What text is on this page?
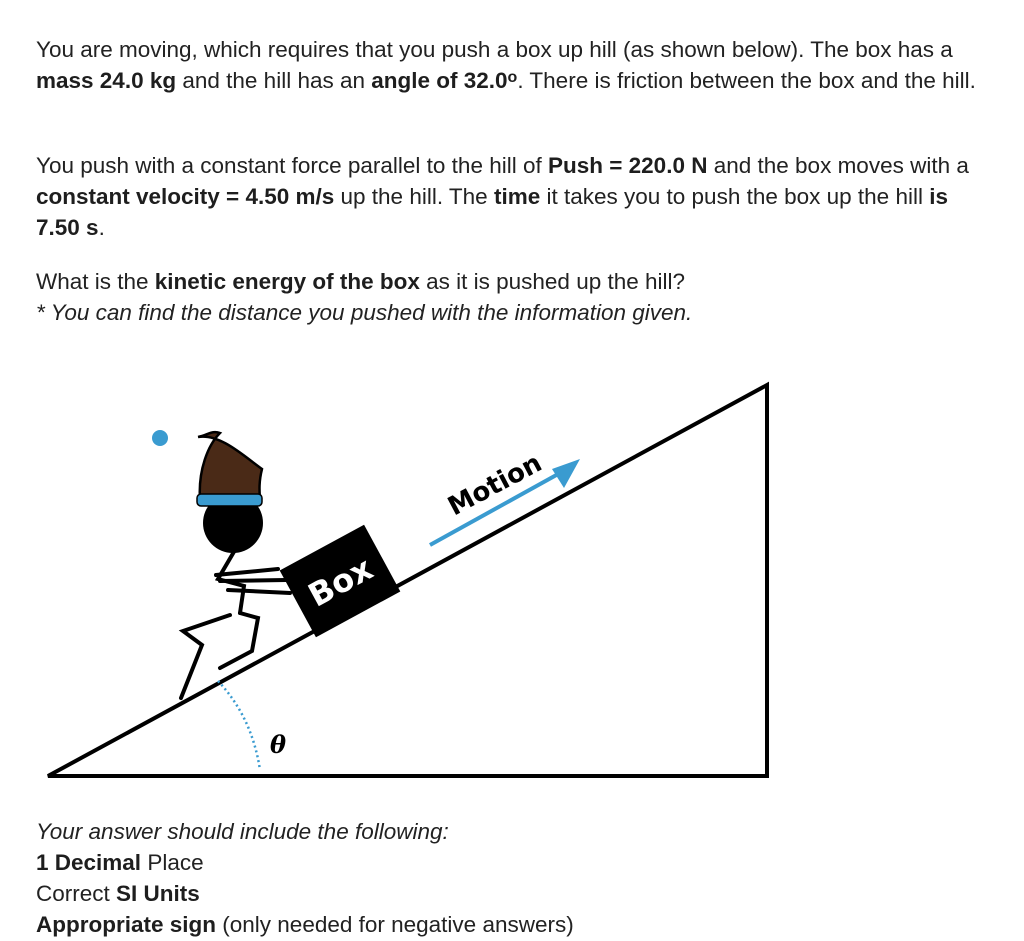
You are moving, which requires that you push a box up hill (as shown below). The box has a mass 24.0 kg and the hill has an angle of 32.0$^o$. There is friction between the box and the hill.

You push with a constant force parallel to the hill of Push = 220.0 N and the box moves with a constant velocity = 4.50 m/s up the hill. The time it takes you to push the box up the hill is 7.50 s.

What is the kinetic energy of the box as it is pushed up the hill?
* You can find the distance you pushed with the information given.

θ
Motion
Box

Your answer should include the following:
1 Decimal Place
Correct SI Units
Appropriate sign (only needed for negative answers)
